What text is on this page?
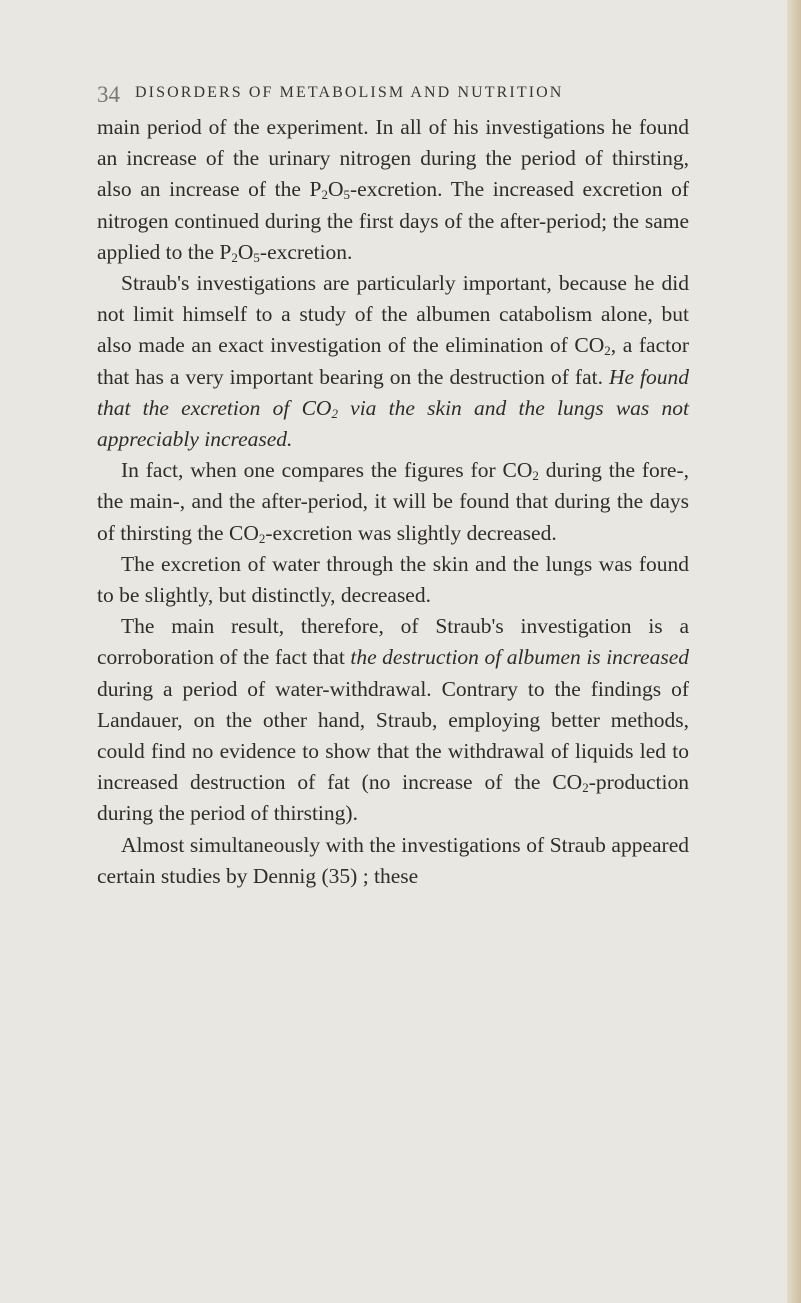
34 DISORDERS OF METABOLISM AND NUTRITION

main period of the experiment. In all of his investigations he found an increase of the urinary nitrogen during the period of thirsting, also an increase of the $P_2O_5$-excretion. The increased excretion of nitrogen continued during the first days of the after-period; the same applied to the $P_2O_5$-excretion.

Straub's investigations are particularly important, because he did not limit himself to a study of the albumen catabolism alone, but also made an exact investigation of the elimination of $CO_2$, a factor that has a very important bearing on the destruction of fat. He found that the excretion of $CO_2$ via the skin and the lungs was not appreciably increased.

In fact, when one compares the figures for $CO_2$ during the fore-, the main-, and the after-period, it will be found that during the days of thirsting the $CO_2$-excretion was slightly decreased.

The excretion of water through the skin and the lungs was found to be slightly, but distinctly, decreased.

The main result, therefore, of Straub's investigation is a corroboration of the fact that the destruction of albumen is increased during a period of water-withdrawal. Contrary to the findings of Landauer, on the other hand, Straub, employing better methods, could find no evidence to show that the withdrawal of liquids led to increased destruction of fat (no increase of the $CO_2$-production during the period of thirsting).

Almost simultaneously with the investigations of Straub appeared certain studies by Dennig (35) ; these
